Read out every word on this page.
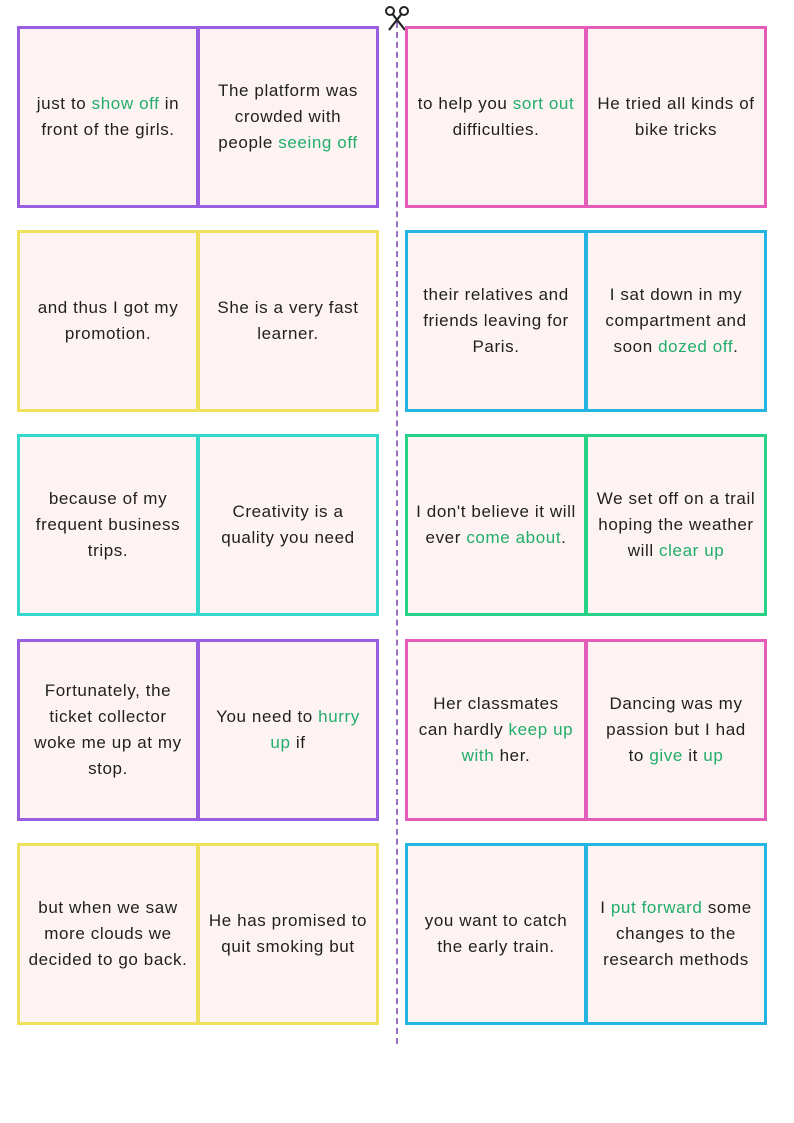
just to show off in front of the girls.
The platform was crowded with people seeing off
to help you sort out difficulties.
He tried all kinds of bike tricks
and thus I got my promotion.
She is a very fast learner.
their relatives and friends leaving for Paris.
I sat down in my compartment and soon dozed off.
because of my frequent business trips.
Creativity is a quality you need
I don't believe it will ever come about.
We set off on a trail hoping the weather will clear up
Fortunately, the ticket collector woke me up at my stop.
You need to hurry up if
Her classmates can hardly keep up with her.
Dancing was my passion but I had to give it up
but when we saw more clouds we decided to go back.
He has promised to quit smoking but
you want to catch the early train.
I put forward some changes to the research methods
